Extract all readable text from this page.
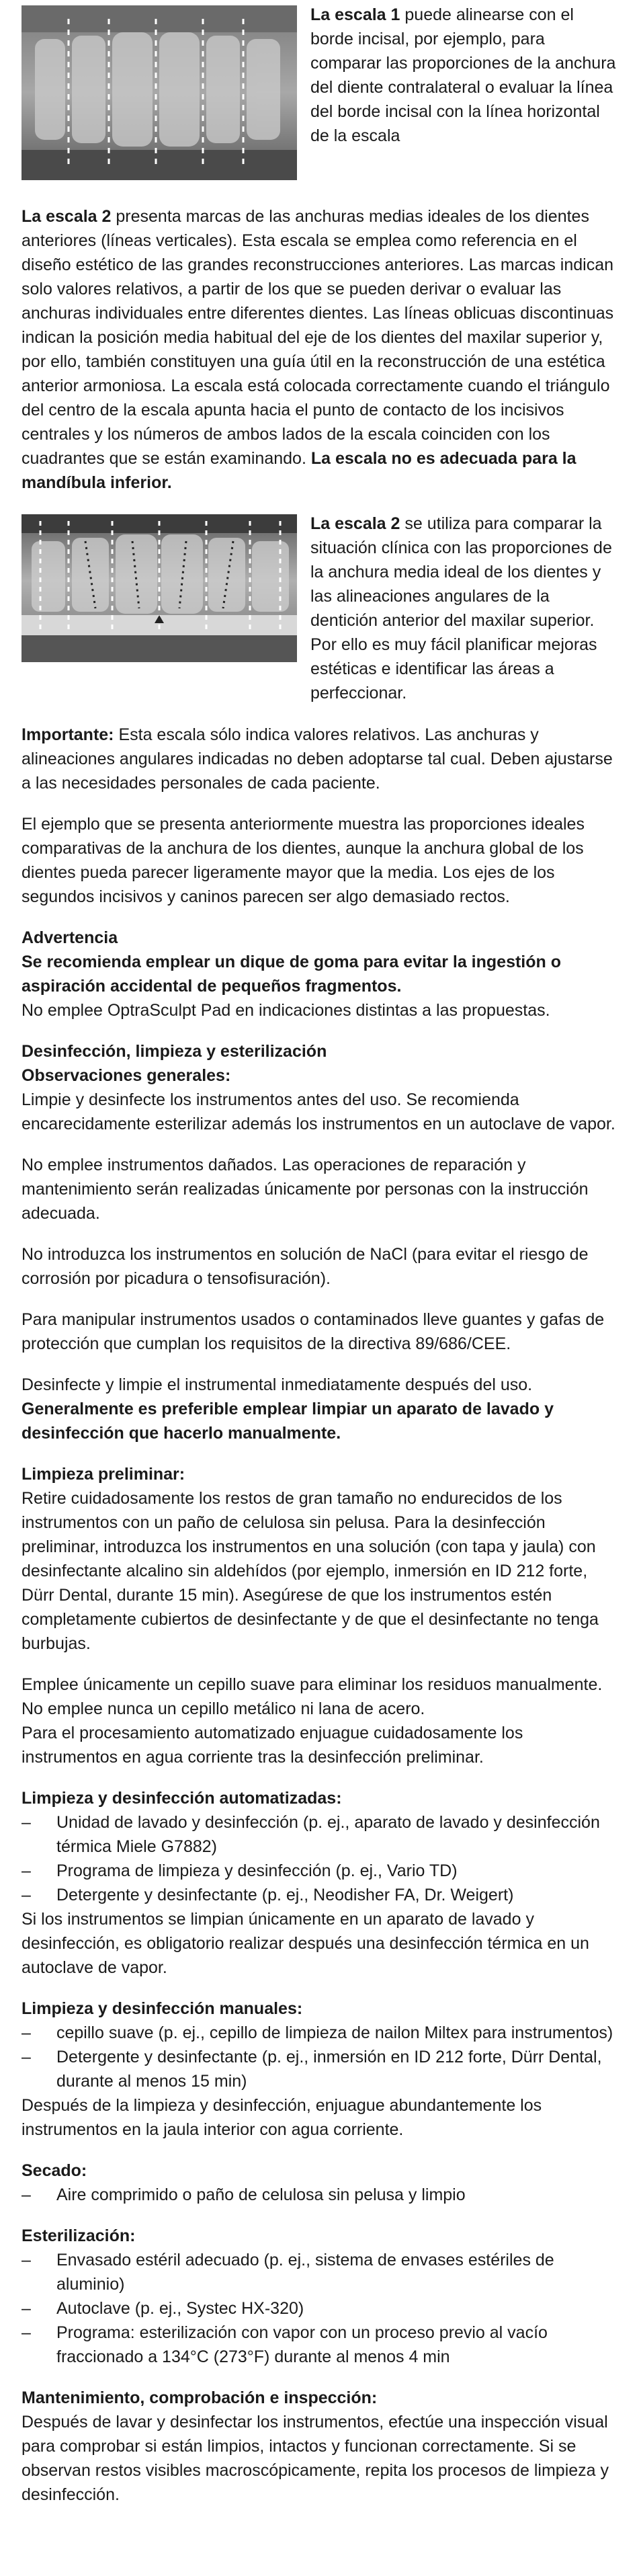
La escala 1 puede alinearse con el borde incisal, por ejemplo, para comparar las proporciones de la anchura del diente contralateral o evaluar la línea del borde incisal con la línea horizontal de la escala

La escala 2 presenta marcas de las anchuras medias ideales de los dientes anteriores (líneas verticales). Esta escala se emplea como referencia en el diseño estético de las grandes reconstrucciones anteriores. Las marcas indican solo valores relativos, a partir de los que se pueden derivar o evaluar las anchuras individuales entre diferentes dientes. Las líneas oblicuas discontinuas indican la posición media habitual del eje de los dientes del maxilar superior y, por ello, también constituyen una guía útil en la reconstrucción de una estética anterior armoniosa. La escala está colocada correctamente cuando el triángulo del centro de la escala apunta hacia el punto de contacto de los incisivos centrales y los números de ambos lados de la escala coinciden con los cuadrantes que se están examinando. La escala no es adecuada para la mandíbula inferior.

La escala 2 se utiliza para comparar la situación clínica con las proporciones de la anchura media ideal de los dientes y las alineaciones angulares de la dentición anterior del maxilar superior. Por ello es muy fácil planificar mejoras estéticas e identificar las áreas a perfeccionar.

Importante: Esta escala sólo indica valores relativos. Las anchuras y alineaciones angulares indicadas no deben adoptarse tal cual. Deben ajustarse a las necesidades personales de cada paciente.

El ejemplo que se presenta anteriormente muestra las proporciones ideales comparativas de la anchura de los dientes, aunque la anchura global de los dientes pueda parecer ligeramente mayor que la media. Los ejes de los segundos incisivos y caninos parecen ser algo demasiado rectos.

Advertencia
Se recomienda emplear un dique de goma para evitar la ingestión o aspiración accidental de pequeños fragmentos.
No emplee OptraSculpt Pad en indicaciones distintas a las propuestas.
Desinfección, limpieza y esterilización
Observaciones generales:
Limpie y desinfecte los instrumentos antes del uso. Se recomienda encarecidamente esterilizar además los instrumentos en un autoclave de vapor.

No emplee instrumentos dañados. Las operaciones de reparación y mantenimiento serán realizadas únicamente por personas con la instrucción adecuada.

No introduzca los instrumentos en solución de NaCl (para evitar el riesgo de corrosión por picadura o tensofisuración).

Para manipular instrumentos usados o contaminados lleve guantes y gafas de protección que cumplan los requisitos de la directiva 89/686/CEE.

Desinfecte y limpie el instrumental inmediatamente después del uso.
Generalmente es preferible emplear limpiar un aparato de lavado y desinfección que hacerlo manualmente.
Limpieza preliminar:
Retire cuidadosamente los restos de gran tamaño no endurecidos de los instrumentos con un paño de celulosa sin pelusa. Para la desinfección preliminar, introduzca los instrumentos en una solución (con tapa y jaula) con desinfectante alcalino sin aldehídos (por ejemplo, inmersión en ID 212 forte, Dürr Dental, durante 15 min). Asegúrese de que los instrumentos estén completamente cubiertos de desinfectante y de que el desinfectante no tenga burbujas.
Emplee únicamente un cepillo suave para eliminar los residuos manualmente.
No emplee nunca un cepillo metálico ni lana de acero.
Para el procesamiento automatizado enjuague cuidadosamente los instrumentos en agua corriente tras la desinfección preliminar.
Limpieza y desinfección automatizadas:
– Unidad de lavado y desinfección (p. ej., aparato de lavado y desinfección térmica Miele G7882)
– Programa de limpieza y desinfección (p. ej., Vario TD)
– Detergente y desinfectante (p. ej., Neodisher FA, Dr. Weigert)
Si los instrumentos se limpian únicamente en un aparato de lavado y desinfección, es obligatorio realizar después una desinfección térmica en un autoclave de vapor.
Limpieza y desinfección manuales:
– cepillo suave (p. ej., cepillo de limpieza de nailon Miltex para instrumentos)
– Detergente y desinfectante (p. ej., inmersión en ID 212 forte, Dürr Dental, durante al menos 15 min)
Después de la limpieza y desinfección, enjuague abundantemente los instrumentos en la jaula interior con agua corriente.
Secado:
– Aire comprimido o paño de celulosa sin pelusa y limpio
Esterilización:
– Envasado estéril adecuado (p. ej., sistema de envases estériles de aluminio)
– Autoclave (p. ej., Systec HX-320)
– Programa: esterilización con vapor con un proceso previo al vacío fraccionado a 134°C (273°F) durante al menos 4 min
Mantenimiento, comprobación e inspección:
Después de lavar y desinfectar los instrumentos, efectúe una inspección visual para comprobar si están limpios, intactos y funcionan correctamente. Si se observan restos visibles macroscópicamente, repita los procesos de limpieza y desinfección.
